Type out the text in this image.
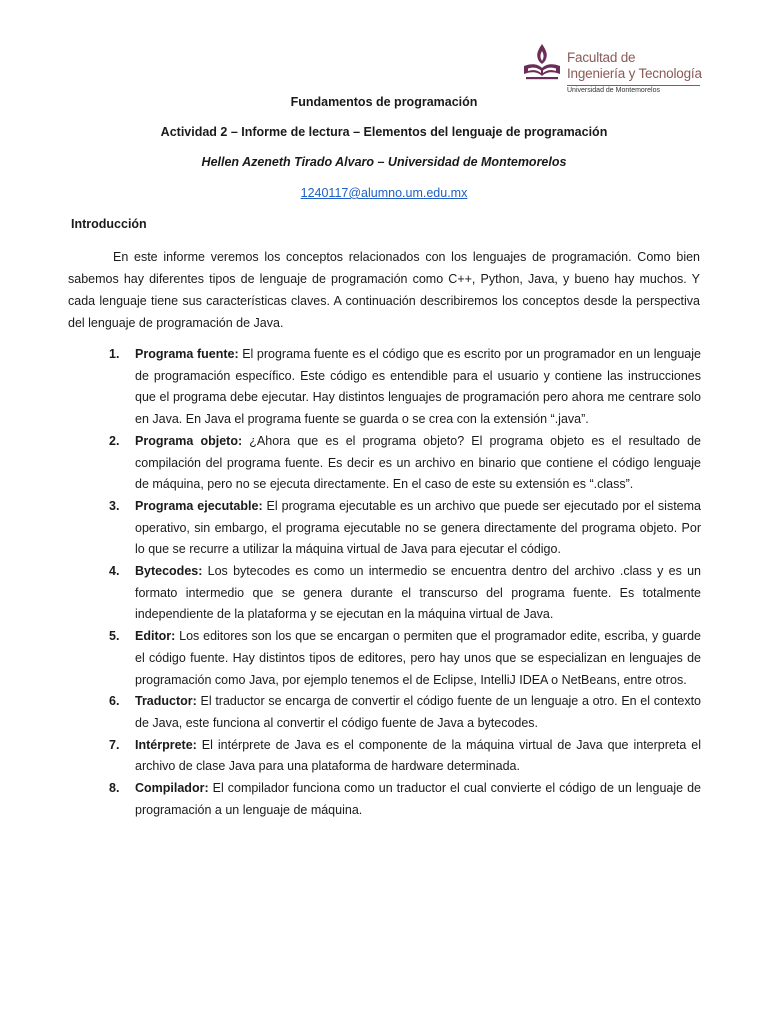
Facultad de
Ingeniería y Tecnología
Universidad de Montemorelos
Fundamentos de programación
Actividad 2 – Informe de lectura – Elementos del lenguaje de programación
Hellen Azeneth Tirado Alvaro – Universidad de Montemorelos
1240117@alumno.um.edu.mx
Introducción

En este informe veremos los conceptos relacionados con los lenguajes de programación. Como bien sabemos hay diferentes tipos de lenguaje de programación como C++, Python, Java, y bueno hay muchos. Y cada lenguaje tiene sus características claves. A continuación describiremos los conceptos desde la perspectiva del lenguaje de programación de Java.

1. Programa fuente: El programa fuente es el código que es escrito por un programador en un lenguaje de programación específico. Este código es entendible para el usuario y contiene las instrucciones que el programa debe ejecutar. Hay distintos lenguajes de programación pero ahora me centrare solo en Java. En Java el programa fuente se guarda o se crea con la extensión “.java”.
2. Programa objeto: ¿Ahora que es el programa objeto? El programa objeto es el resultado de compilación del programa fuente. Es decir es un archivo en binario que contiene el código lenguaje de máquina, pero no se ejecuta directamente. En el caso de este su extensión es “.class”.
3. Programa ejecutable: El programa ejecutable es un archivo que puede ser ejecutado por el sistema operativo, sin embargo, el programa ejecutable no se genera directamente del programa objeto. Por lo que se recurre a utilizar la máquina virtual de Java para ejecutar el código.
4. Bytecodes: Los bytecodes es como un intermedio se encuentra dentro del archivo .class y es un formato intermedio que se genera durante el transcurso del programa fuente. Es totalmente independiente de la plataforma y se ejecutan en la máquina virtual de Java.
5. Editor: Los editores son los que se encargan o permiten que el programador edite, escriba, y guarde el código fuente. Hay distintos tipos de editores, pero hay unos que se especializan en lenguajes de programación como Java, por ejemplo tenemos el de Eclipse, IntelliJ IDEA o NetBeans, entre otros.
6. Traductor: El traductor se encarga de convertir el código fuente de un lenguaje a otro. En el contexto de Java, este funciona al convertir el código fuente de Java a bytecodes.
7. Intérprete: El intérprete de Java es el componente de la máquina virtual de Java que interpreta el archivo de clase Java para una plataforma de hardware determinada.
8. Compilador: El compilador funciona como un traductor el cual convierte el código de un lenguaje de programación a un lenguaje de máquina.
